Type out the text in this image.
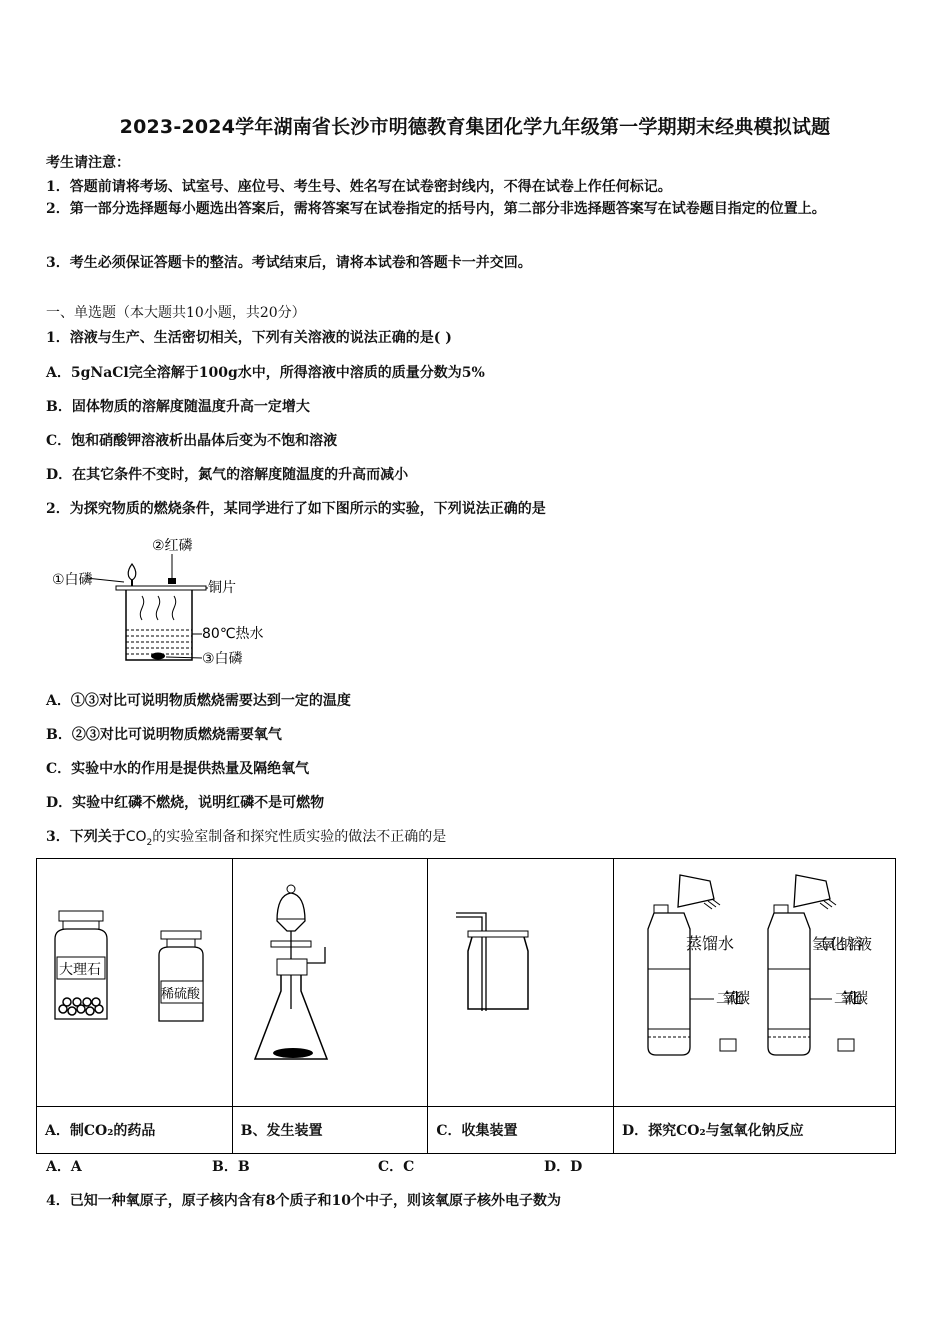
2023-2024学年湖南省长沙市明德教育集团化学九年级第一学期期末经典模拟试题
考生请注意：
1．答题前请将考场、试室号、座位号、考生号、姓名写在试卷密封线内，不得在试卷上作任何标记。
2．第一部分选择题每小题选出答案后，需将答案写在试卷指定的括号内，第二部分非选择题答案写在试卷题目指定的位置上。
3．考生必须保证答题卡的整洁。考试结束后，请将本试卷和答题卡一并交回。
一、单选题（本大题共10小题，共20分）
1．溶液与生产、生活密切相关，下列有关溶液的说法正确的是( )
A．5gNaCl完全溶解于100g水中，所得溶液中溶质的质量分数为5%
B．固体物质的溶解度随温度升高一定增大
C．饱和硝酸钾溶液析出晶体后变为不饱和溶液
D．在其它条件不变时，氮气的溶解度随温度的升高而减小
2．为探究物质的燃烧条件，某同学进行了如下图所示的实验，下列说法正确的是
②红磷
①白磷	铜片
80℃热水
③白磷
A．①③对比可说明物质燃烧需要达到一定的温度
B．②③对比可说明物质燃烧需要氧气
C．实验中水的作用是提供热量及隔绝氧气
D．实验中红磷不燃烧，说明红磷不是可燃物
3．下列关于$CO_2$的实验室制备和探究性质实验的做法不正确的是
大理石
稀硫酸			蒸馏水
二氧化碳
氢氧化钠溶液
二氧化碳

A．制CO₂的药品	B、发生装置	C．收集装置	D．探究CO₂与氢氧化钠反应
A．A	B．B	C．C	D．D
4．已知一种氧原子，原子核内含有8个质子和10个中子，则该氧原子核外电子数为
